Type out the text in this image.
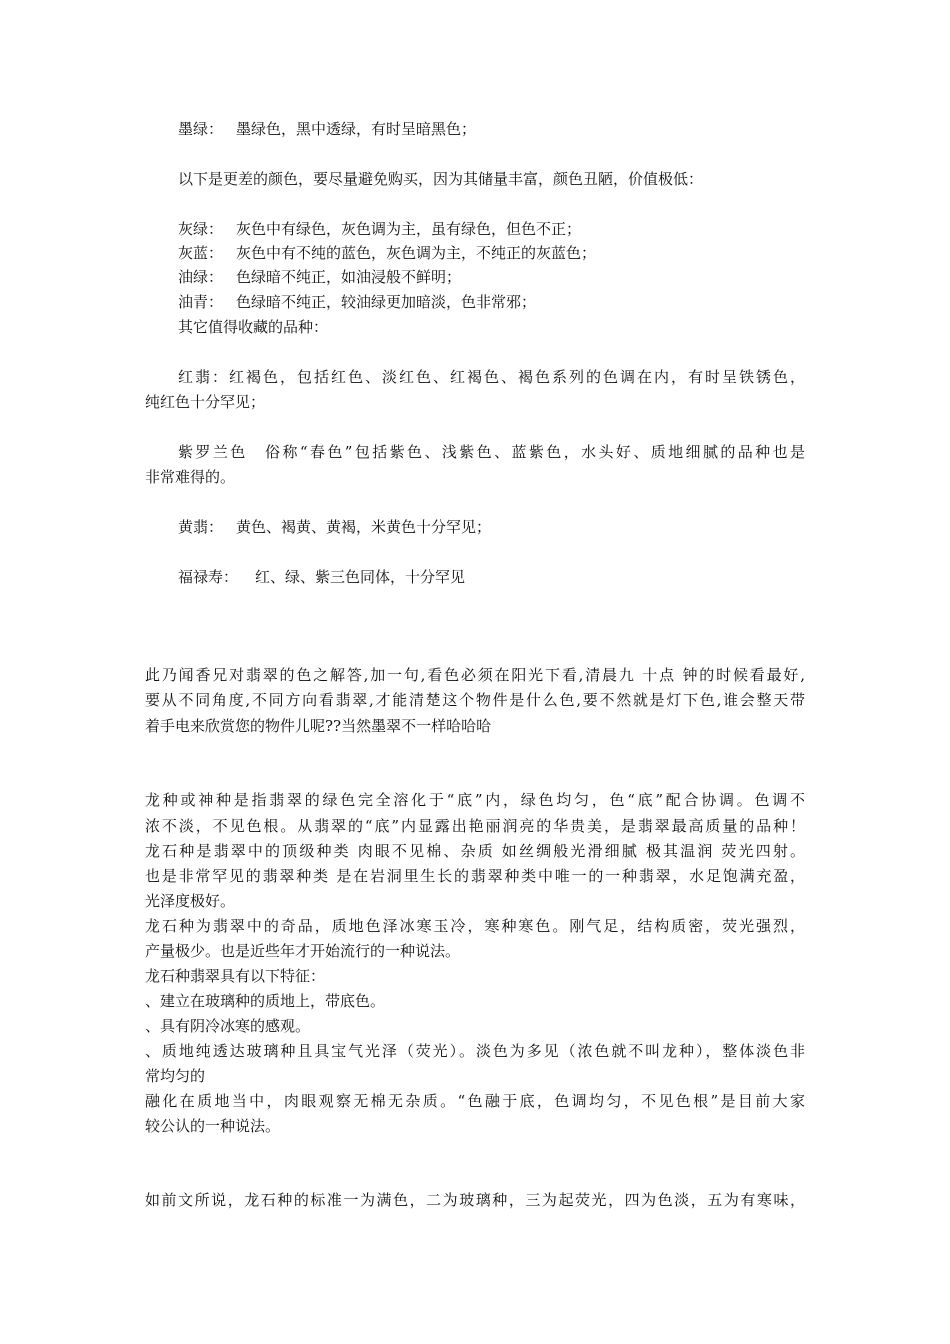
墨绿： 墨绿色，黑中透绿，有时呈暗黑色；
以下是更差的颜色，要尽量避免购买，因为其储量丰富，颜色丑陋，价值极低：
灰绿： 灰色中有绿色，灰色调为主，虽有绿色，但色不正；
灰蓝： 灰色中有不纯的蓝色，灰色调为主，不纯正的灰蓝色；
油绿： 色绿暗不纯正，如油浸般不鲜明；
油青： 色绿暗不纯正，较油绿更加暗淡，色非常邪；
其它值得收藏的品种：
红翡：红褐色，包括红色、淡红色、红褐色、褐色系列的色调在内，有时呈铁锈色，
纯红色十分罕见；
紫罗兰色　俗称“春色”包括紫色、浅紫色、蓝紫色，水头好、质地细腻的品种也是
非常难得的。
黄翡： 黄色、褐黄、黄褐，米黄色十分罕见；
福禄寿： 红、绿、紫三色同体，十分罕见
此乃闻香兄对翡翠的色之解答,加一句,看色必须在阳光下看,清晨九 十点 钟的时候看最好,
要从不同角度,不同方向看翡翠,才能清楚这个物件是什么色,要不然就是灯下色,谁会整天带
着手电来欣赏您的物件儿呢??当然墨翠不一样哈哈哈
龙种或神种是指翡翠的绿色完全溶化于“底”内，绿色均匀，色“底”配合协调。色调不
浓不淡，不见色根。从翡翠的“底”内显露出艳丽润亮的华贵美，是翡翠最高质量的品种！
龙石种是翡翠中的顶级种类 肉眼不见棉、杂质 如丝绸般光滑细腻 极其温润 荧光四射。
也是非常罕见的翡翠种类 是在岩洞里生长的翡翠种类中唯一的一种翡翠，水足饱满充盈，
光泽度极好。
龙石种为翡翠中的奇品，质地色泽冰寒玉冷，寒种寒色。刚气足，结构质密，荧光强烈，
产量极少。也是近些年才开始流行的一种说法。
龙石种翡翠具有以下特征：
、建立在玻璃种的质地上，带底色。
、具有阴冷冰寒的感观。
、质地纯透达玻璃种且具宝气光泽（荧光）。淡色为多见（浓色就不叫龙种），整体淡色非
常均匀的
融化在质地当中，肉眼观察无棉无杂质。“色融于底，色调均匀，不见色根”是目前大家
较公认的一种说法。
如前文所说，龙石种的标准一为满色，二为玻璃种，三为起荧光，四为色淡，五为有寒味，
